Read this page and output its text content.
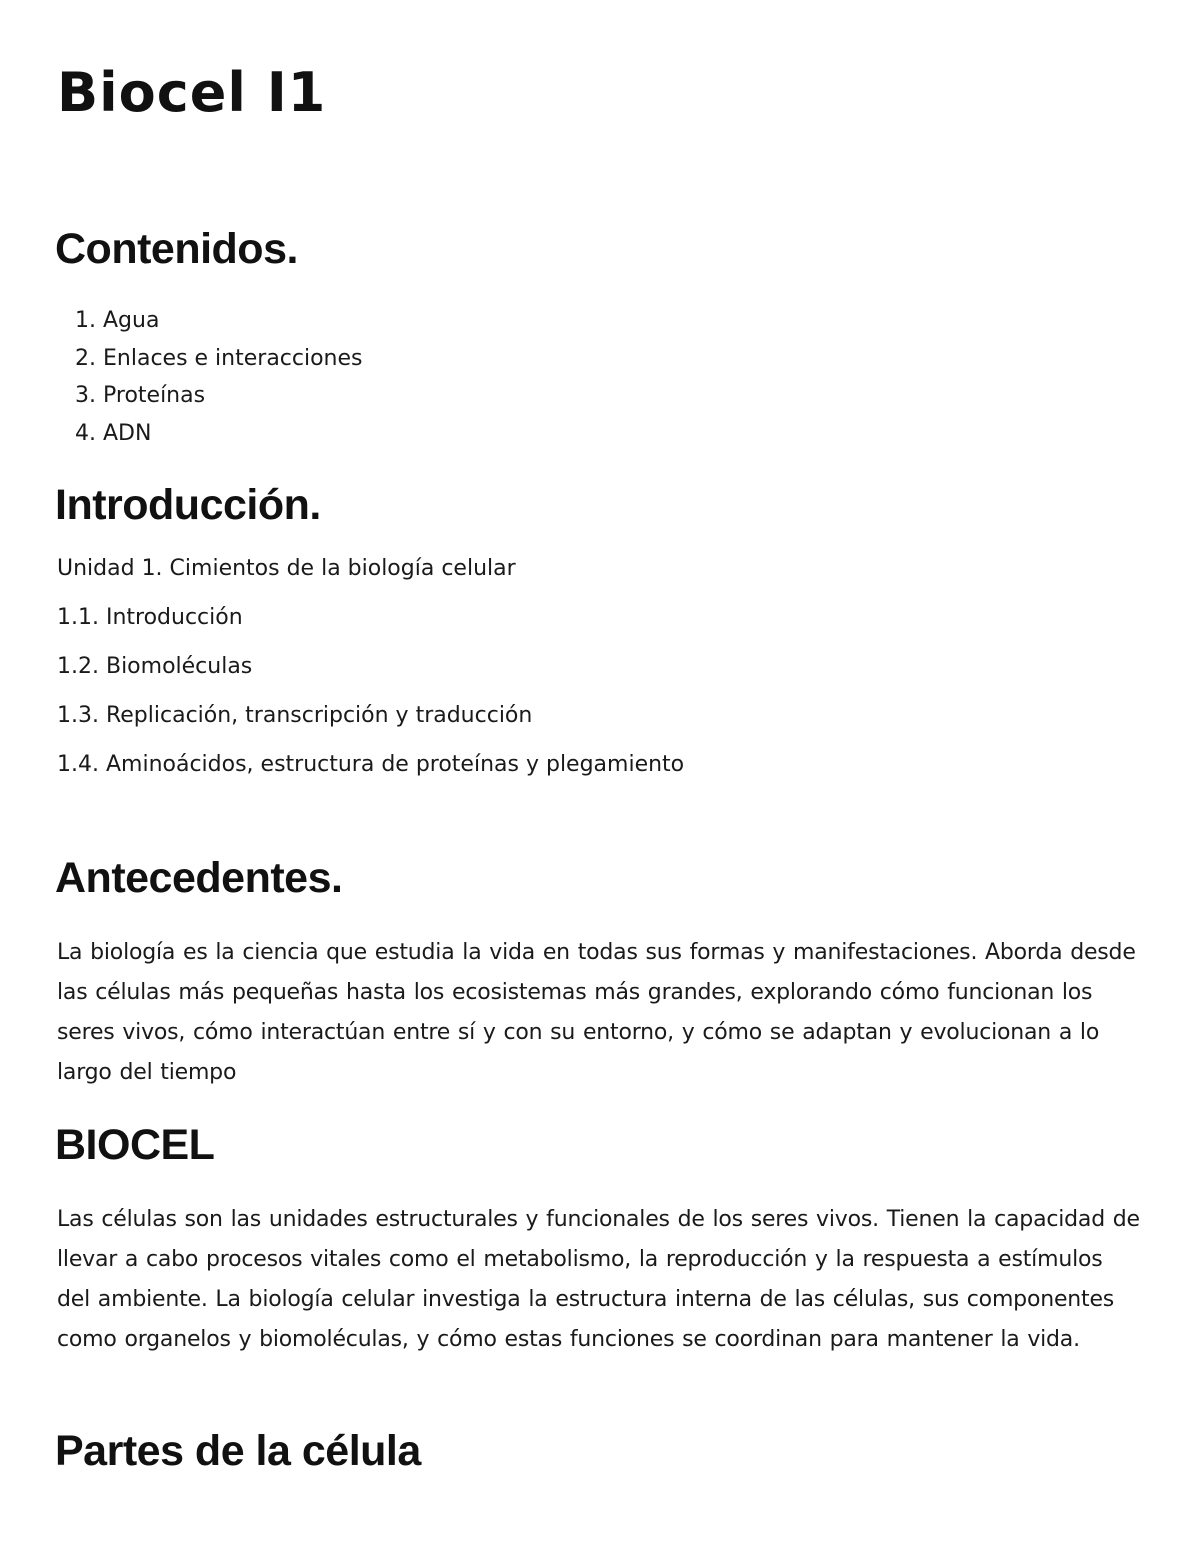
Biocel I1
Contenidos.
1. Agua
2. Enlaces e interacciones
3. Proteínas
4. ADN
Introducción.
Unidad 1. Cimientos de la biología celular
1.1. Introducción
1.2. Biomoléculas
1.3. Replicación, transcripción y traducción
1.4. Aminoácidos, estructura de proteínas y plegamiento
Antecedentes.

La biología es la ciencia que estudia la vida en todas sus formas y manifestaciones. Aborda desde las células más pequeñas hasta los ecosistemas más grandes, explorando cómo funcionan los seres vivos, cómo interactúan entre sí y con su entorno, y cómo se adaptan y evolucionan a lo largo del tiempo

BIOCEL

Las células son las unidades estructurales y funcionales de los seres vivos. Tienen la capacidad de llevar a cabo procesos vitales como el metabolismo, la reproducción y la respuesta a estímulos del ambiente. La biología celular investiga la estructura interna de las células, sus componentes como organelos y biomoléculas, y cómo estas funciones se coordinan para mantener la vida.

Partes de la célula
